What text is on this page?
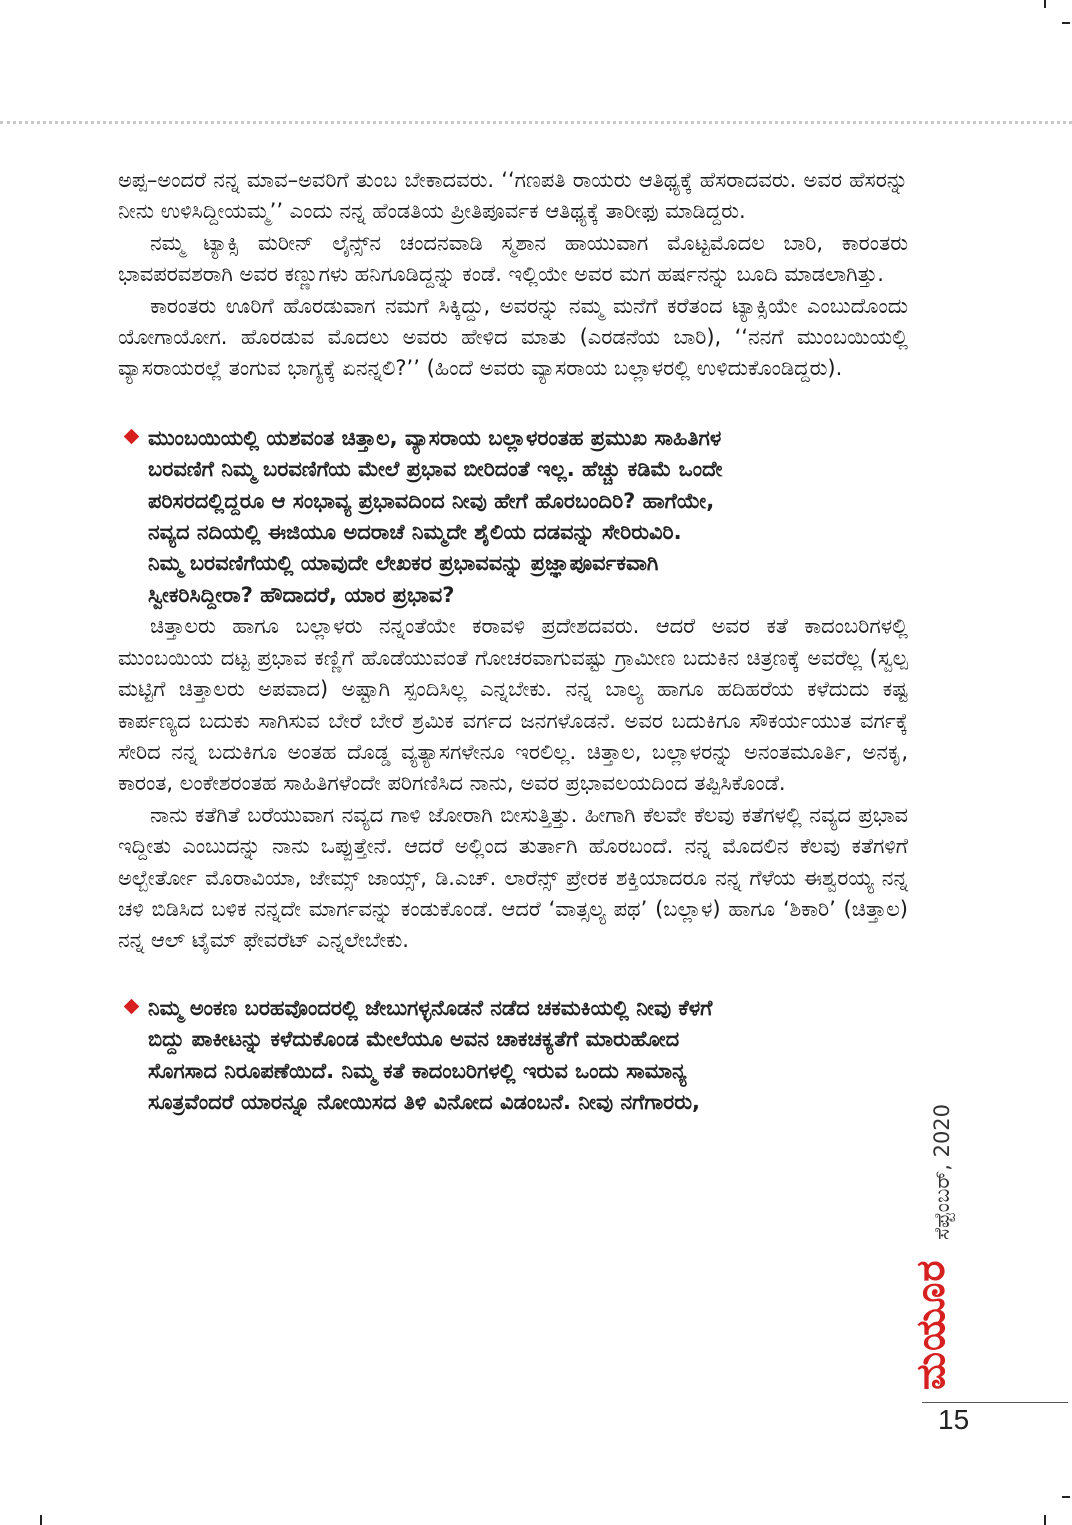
ಅಪ್ಪ–ಅಂದರೆ ನನ್ನ ಮಾವ–ಅವರಿಗೆ ತುಂಬ ಬೇಕಾದವರು. ‘‘ಗಣಪತಿ ರಾಯರು ಆತಿಥ್ಯಕ್ಕೆ ಹೆಸರಾದವರು. ಅವರ ಹೆಸರನ್ನು ನೀನು ಉಳಿಸಿದ್ದೀಯಮ್ಮ’’ ಎಂದು ನನ್ನ ಹೆಂಡತಿಯ ಪ್ರೀತಿಪೂರ್ವಕ ಆತಿಥ್ಯಕ್ಕೆ ತಾರೀಫು ಮಾಡಿದ್ದರು.

ನಮ್ಮ ಟ್ಯಾಕ್ಸಿ ಮರೀನ್ ಲೈನ್ಸ್‌ನ ಚಂದನವಾಡಿ ಸ್ಮಶಾನ ಹಾಯುವಾಗ ಮೊಟ್ಟಮೊದಲ ಬಾರಿ, ಕಾರಂತರು ಭಾವಪರವಶರಾಗಿ ಅವರ ಕಣ್ಣುಗಳು ಹನಿಗೂಡಿದ್ದನ್ನು ಕಂಡೆ. ಇಲ್ಲಿಯೇ ಅವರ ಮಗ ಹರ್ಷನನ್ನು ಬೂದಿ ಮಾಡಲಾಗಿತ್ತು.

ಕಾರಂತರು ಊರಿಗೆ ಹೊರಡುವಾಗ ನಮಗೆ ಸಿಕ್ಕಿದ್ದು, ಅವರನ್ನು ನಮ್ಮ ಮನೆಗೆ ಕರೆತಂದ ಟ್ಯಾಕ್ಸಿಯೇ ಎಂಬುದೊಂದು ಯೋಗಾಯೋಗ. ಹೊರಡುವ ಮೊದಲು ಅವರು ಹೇಳಿದ ಮಾತು (ಎರಡನೆಯ ಬಾರಿ), ‘‘ನನಗೆ ಮುಂಬಯಿಯಲ್ಲಿ ವ್ಯಾಸರಾಯರಲ್ಲೆ ತಂಗುವ ಭಾಗ್ಯಕ್ಕೆ ಏನನ್ನಲಿ?’’ (ಹಿಂದೆ ಅವರು ವ್ಯಾಸರಾಯ ಬಲ್ಲಾಳರಲ್ಲಿ ಉಳಿದುಕೊಂಡಿದ್ದರು).

ಮುಂಬಯಿಯಲ್ಲಿ ಯಶವಂತ ಚಿತ್ತಾಲ, ವ್ಯಾಸರಾಯ ಬಲ್ಲಾಳರಂತಹ ಪ್ರಮುಖ ಸಾಹಿತಿಗಳ
ಬರವಣಿಗೆ ನಿಮ್ಮ ಬರವಣಿಗೆಯ ಮೇಲೆ ಪ್ರಭಾವ ಬೀರಿದಂತೆ ಇಲ್ಲ. ಹೆಚ್ಚು ಕಡಿಮೆ ಒಂದೇ
ಪರಿಸರದಲ್ಲಿದ್ದರೂ ಆ ಸಂಭಾವ್ಯ ಪ್ರಭಾವದಿಂದ ನೀವು ಹೇಗೆ ಹೊರಬಂದಿರಿ? ಹಾಗೆಯೇ,
ನವ್ಯದ ನದಿಯಲ್ಲಿ ಈಜಿಯೂ ಅದರಾಚೆ ನಿಮ್ಮದೇ ಶೈಲಿಯ ದಡವನ್ನು ಸೇರಿರುವಿರಿ.
ನಿಮ್ಮ ಬರವಣಿಗೆಯಲ್ಲಿ ಯಾವುದೇ ಲೇಖಕರ ಪ್ರಭಾವವನ್ನು ಪ್ರಜ್ಞಾಪೂರ್ವಕವಾಗಿ
ಸ್ವೀಕರಿಸಿದ್ದೀರಾ? ಹೌದಾದರೆ, ಯಾರ ಪ್ರಭಾವ?

ಚಿತ್ತಾಲರು ಹಾಗೂ ಬಲ್ಲಾಳರು ನನ್ನಂತೆಯೇ ಕರಾವಳಿ ಪ್ರದೇಶದವರು. ಆದರೆ ಅವರ ಕತೆ ಕಾದಂಬರಿಗಳಲ್ಲಿ ಮುಂಬಯಿಯ ದಟ್ಟ ಪ್ರಭಾವ ಕಣ್ಣಿಗೆ ಹೊಡೆಯುವಂತೆ ಗೋಚರವಾಗುವಷ್ಟು ಗ್ರಾಮೀಣ ಬದುಕಿನ ಚಿತ್ರಣಕ್ಕೆ ಅವರೆಲ್ಲ (ಸ್ವಲ್ಪ ಮಟ್ಟಿಗೆ ಚಿತ್ತಾಲರು ಅಪವಾದ) ಅಷ್ಟಾಗಿ ಸ್ಪಂದಿಸಿಲ್ಲ ಎನ್ನಬೇಕು. ನನ್ನ ಬಾಲ್ಯ ಹಾಗೂ ಹದಿಹರೆಯ ಕಳೆದುದು ಕಷ್ಟ ಕಾರ್ಪಣ್ಯದ ಬದುಕು ಸಾಗಿಸುವ ಬೇರೆ ಬೇರೆ ಶ್ರಮಿಕ ವರ್ಗದ ಜನಗಳೊಡನೆ. ಅವರ ಬದುಕಿಗೂ ಸೌಕರ್ಯಯುತ ವರ್ಗಕ್ಕೆ ಸೇರಿದ ನನ್ನ ಬದುಕಿಗೂ ಅಂತಹ ದೊಡ್ಡ ವ್ಯತ್ಯಾಸಗಳೇನೂ ಇರಲಿಲ್ಲ. ಚಿತ್ತಾಲ, ಬಲ್ಲಾಳರನ್ನು ಅನಂತಮೂರ್ತಿ, ಅನಕೃ, ಕಾರಂತ, ಲಂಕೇಶರಂತಹ ಸಾಹಿತಿಗಳೆಂದೇ ಪರಿಗಣಿಸಿದ ನಾನು, ಅವರ ಪ್ರಭಾವಲಯದಿಂದ ತಪ್ಪಿಸಿಕೊಂಡೆ.

ನಾನು ಕತೆಗಿತೆ ಬರೆಯುವಾಗ ನವ್ಯದ ಗಾಳಿ ಜೋರಾಗಿ ಬೀಸುತ್ತಿತ್ತು. ಹೀಗಾಗಿ ಕೆಲವೇ ಕೆಲವು ಕತೆಗಳಲ್ಲಿ ನವ್ಯದ ಪ್ರಭಾವ ಇದ್ದೀತು ಎಂಬುದನ್ನು ನಾನು ಒಪ್ಪುತ್ತೇನೆ. ಆದರೆ ಅಲ್ಲಿಂದ ತುರ್ತಾಗಿ ಹೊರಬಂದೆ. ನನ್ನ ಮೊದಲಿನ ಕೆಲವು ಕತೆಗಳಿಗೆ ಅಲ್ಬೇರ್ತೋ ಮೊರಾವಿಯಾ, ಜೇಮ್ಸ್ ಜಾಯ್ಸ್, ಡಿ.ಎಚ್. ಲಾರೆನ್ಸ್ ಪ್ರೇರಕ ಶಕ್ತಿಯಾದರೂ ನನ್ನ ಗೆಳೆಯ ಈಶ್ವರಯ್ಯ ನನ್ನ ಚಳಿ ಬಿಡಿಸಿದ ಬಳಿಕ ನನ್ನದೇ ಮಾರ್ಗವನ್ನು ಕಂಡುಕೊಂಡೆ. ಆದರೆ ‘ವಾತ್ಸಲ್ಯ ಪಥ’ (ಬಲ್ಲಾಳ) ಹಾಗೂ ‘ಶಿಕಾರಿ’ (ಚಿತ್ತಾಲ) ನನ್ನ ಆಲ್ ಟೈಮ್ ಫೇವರೆಟ್ ಎನ್ನಲೇಬೇಕು.

ನಿಮ್ಮ ಅಂಕಣ ಬರಹವೊಂದರಲ್ಲಿ ಜೇಬುಗಳ್ಳನೊಡನೆ ನಡೆದ ಚಕಮಕಿಯಲ್ಲಿ ನೀವು ಕೆಳಗೆ
ಬಿದ್ದು ಪಾಕೀಟನ್ನು ಕಳೆದುಕೊಂಡ ಮೇಲೆಯೂ ಅವನ ಚಾಕಚಕ್ಯತೆಗೆ ಮಾರುಹೋದ
ಸೊಗಸಾದ ನಿರೂಪಣೆಯಿದೆ. ನಿಮ್ಮ ಕತೆ ಕಾದಂಬರಿಗಳಲ್ಲಿ ಇರುವ ಒಂದು ಸಾಮಾನ್ಯ
ಸೂತ್ರವೆಂದರೆ ಯಾರನ್ನೂ ನೋಯಿಸದ ತಿಳಿ ವಿನೋದ ವಿಡಂಬನೆ. ನೀವು ನಗೆಗಾರರು,
ಸೆಪ್ಟೆಂಬರ್, 2020
ಮಯೂರ
15
